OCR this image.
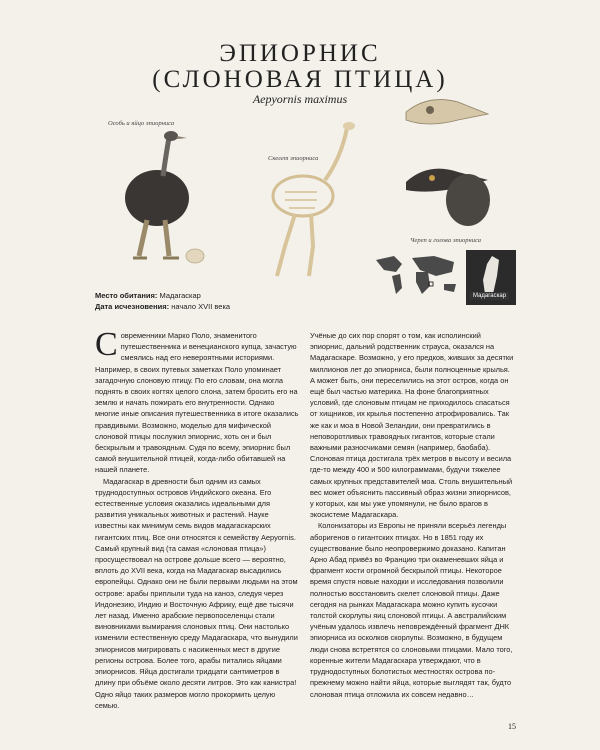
ЭПИОРНИС
(СЛОНОВАЯ ПТИЦА)
Aepyornis maximus
Особь и яйцо эпиорниса
Скелет эпиорниса
Череп и голова эпиорниса
Мадагаскар
Место обитания: Мадагаскар
Дата исчезновения: начало XVII века

Современники Марко Поло, знаменитого путешественника и венецианского купца, зачастую смеялись над его невероятными историями. Например, в своих путевых заметках Поло упоминает загадочную слоновую птицу. По его словам, она могла поднять в своих когтях целого слона, затем бросить его на землю и начать пожирать его внутренности. Однако многие иные описания путешественника в итоге оказались правдивыми. Возможно, моделью для мифической слоновой птицы послужил эпиорнис, хоть он и был бескрылым и травоядным. Судя по всему, эпиорнис был самой внушительной птицей, когда-либо обитавшей на нашей планете.

Мадагаскар в древности был одним из самых труднодоступных островов Индийского океана. Его естественные условия оказались идеальными для развития уникальных животных и растений. Науке известны как минимум семь видов мадагаскарских гигантских птиц. Все они относятся к семейству Aepyornis. Самый крупный вид (та самая «слоновая птица») просуществовал на острове дольше всего — вероятно, вплоть до XVII века, когда на Мадагаскар высадились европейцы. Однако они не были первыми людьми на этом острове: арабы приплыли туда на каноэ, следуя через Индонезию, Индию и Восточную Африку, ещё две тысячи лет назад. Именно арабские первопоселенцы стали виновниками вымирания слоновых птиц. Они настолько изменили естественную среду Мадагаскара, что вынудили эпиорнисов мигрировать с насиженных мест в другие регионы острова. Более того, арабы питались яйцами эпиорнисов. Яйца достигали тридцати сантиметров в длину при объёме около десяти литров. Это как канистра! Одно яйцо таких размеров могло прокормить целую семью.

Учёные до сих пор спорят о том, как исполинский эпиорнис, дальний родственник страуса, оказался на Мадагаскаре. Возможно, у его предков, живших за десятки миллионов лет до эпиорниса, были полноценные крылья. А может быть, они переселились на этот остров, когда он ещё был частью материка. На фоне благоприятных условий, где слоновым птицам не приходилось спасаться от хищников, их крылья постепенно атрофировались. Так же как и моа в Новой Зеландии, они превратились в неповоротливых травоядных гигантов, которые стали важными разносчиками семян (например, баобаба). Слоновая птица достигала трёх метров в высоту и весила где-то между 400 и 500 килограммами, будучи тяжелее самых крупных представителей моа. Столь внушительный вес может объяснить пассивный образ жизни эпиорнисов, у которых, как мы уже упомянули, не было врагов в экосистеме Мадагаскара.

Колонизаторы из Европы не приняли всерьёз легенды аборигенов о гигантских птицах. Но в 1851 году их существование было неопровержимо доказано. Капитан Арно Абад привёз во Францию три окаменевших яйца и фрагмент кости огромной бескрылой птицы. Некоторое время спустя новые находки и исследования позволили полностью восстановить скелет слоновой птицы. Даже сегодня на рынках Мадагаскара можно купить кусочки толстой скорлупы яиц слоновой птицы. А австралийским учёным удалось извлечь неповреждённый фрагмент ДНК эпиорниса из осколков скорлупы. Возможно, в будущем люди снова встретятся со слоновыми птицами. Мало того, коренные жители Мадагаскара утверждают, что в труднодоступных болотистых местностях острова по-прежнему можно найти яйца, которые выглядят так, будто слоновая птица отложила их совсем недавно…

15
